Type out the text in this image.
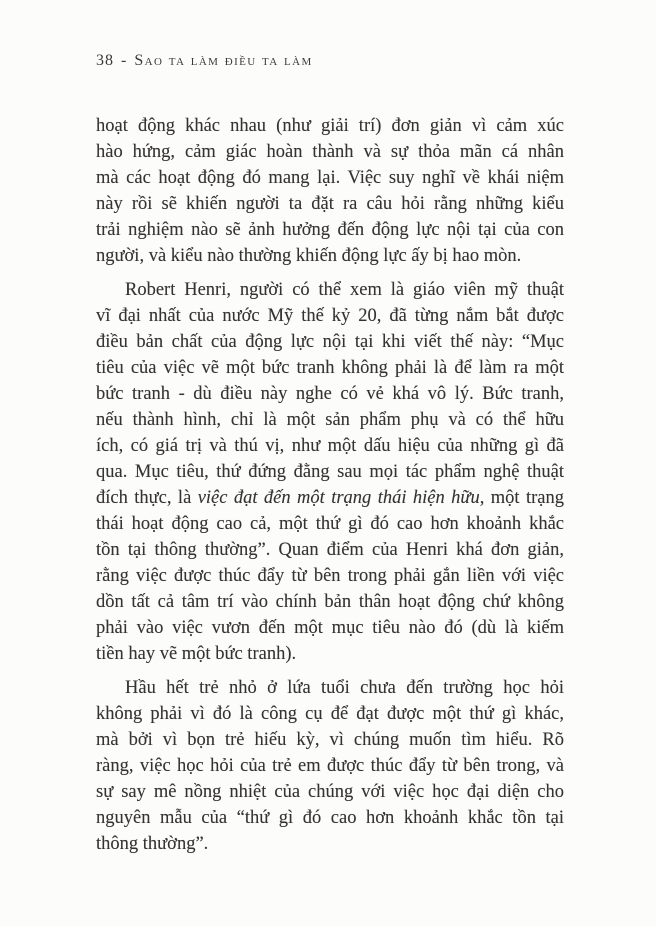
38 - Sao ta làm điều ta làm
hoạt động khác nhau (như giải trí) đơn giản vì cảm xúc
hào hứng, cảm giác hoàn thành và sự thỏa mãn cá nhân
mà các hoạt động đó mang lại. Việc suy nghĩ về khái niệm
này rồi sẽ khiến người ta đặt ra câu hỏi rằng những kiểu
trải nghiệm nào sẽ ảnh hưởng đến động lực nội tại của con
người, và kiểu nào thường khiến động lực ấy bị hao mòn.
Robert Henri, người có thể xem là giáo viên mỹ thuật
vĩ đại nhất của nước Mỹ thế kỷ 20, đã từng nắm bắt được
điều bản chất của động lực nội tại khi viết thế này: “Mục
tiêu của việc vẽ một bức tranh không phải là để làm ra một
bức tranh - dù điều này nghe có vẻ khá vô lý. Bức tranh,
nếu thành hình, chỉ là một sản phẩm phụ và có thể hữu
ích, có giá trị và thú vị, như một dấu hiệu của những gì đã
qua. Mục tiêu, thứ đứng đằng sau mọi tác phẩm nghệ thuật
đích thực, là việc đạt đến một trạng thái hiện hữu, một trạng
thái hoạt động cao cả, một thứ gì đó cao hơn khoảnh khắc
tồn tại thông thường”. Quan điểm của Henri khá đơn giản,
rằng việc được thúc đẩy từ bên trong phải gắn liền với việc
dồn tất cả tâm trí vào chính bản thân hoạt động chứ không
phải vào việc vươn đến một mục tiêu nào đó (dù là kiếm
tiền hay vẽ một bức tranh).
Hầu hết trẻ nhỏ ở lứa tuổi chưa đến trường học hỏi
không phải vì đó là công cụ để đạt được một thứ gì khác,
mà bởi vì bọn trẻ hiếu kỳ, vì chúng muốn tìm hiểu. Rõ
ràng, việc học hỏi của trẻ em được thúc đẩy từ bên trong, và
sự say mê nồng nhiệt của chúng với việc học đại diện cho
nguyên mẫu của “thứ gì đó cao hơn khoảnh khắc tồn tại
thông thường”.
